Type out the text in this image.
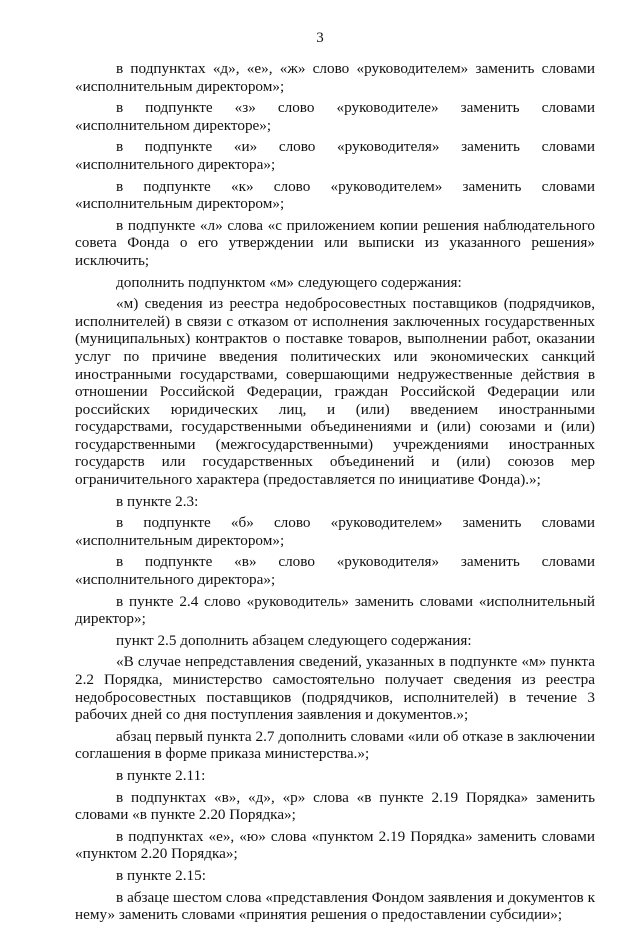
3

в подпунктах «д», «е», «ж» слово «руководителем» заменить словами «исполнительным директором»;

в подпункте «з» слово «руководителе» заменить словами «исполнительном директоре»;

в подпункте «и» слово «руководителя» заменить словами «исполнительного директора»;

в подпункте «к» слово «руководителем» заменить словами «исполнительным директором»;

в подпункте «л» слова «с приложением копии решения наблюдательного совета Фонда о его утверждении или выписки из указанного решения» исключить;

дополнить подпунктом «м» следующего содержания:

«м) сведения из реестра недобросовестных поставщиков (подрядчиков, исполнителей) в связи с отказом от исполнения заключенных государственных (муниципальных) контрактов о поставке товаров, выполнении работ, оказании услуг по причине введения политических или экономических санкций иностранными государствами, совершающими недружественные действия в отношении Российской Федерации, граждан Российской Федерации или российских юридических лиц, и (или) введением иностранными государствами, государственными объединениями и (или) союзами и (или) государственными (межгосударственными) учреждениями иностранных государств или государственных объединений и (или) союзов мер ограничительного характера (предоставляется по инициативе Фонда).»;

в пункте 2.3:

в подпункте «б» слово «руководителем» заменить словами «исполнительным директором»;

в подпункте «в» слово «руководителя» заменить словами «исполнительного директора»;

в пункте 2.4 слово «руководитель» заменить словами «исполнительный директор»;

пункт 2.5 дополнить абзацем следующего содержания:

«В случае непредставления сведений, указанных в подпункте «м» пункта 2.2 Порядка, министерство самостоятельно получает сведения из реестра недобросовестных поставщиков (подрядчиков, исполнителей) в течение 3 рабочих дней со дня поступления заявления и документов.»;

абзац первый пункта 2.7 дополнить словами «или об отказе в заключении соглашения в форме приказа министерства.»;

в пункте 2.11:

в подпунктах «в», «д», «р» слова «в пункте 2.19 Порядка» заменить словами «в пункте 2.20 Порядка»;

в подпунктах «е», «ю» слова «пунктом 2.19 Порядка» заменить словами «пунктом 2.20 Порядка»;

в пункте 2.15:

в абзаце шестом слова «представления Фондом заявления и документов к нему» заменить словами «принятия решения о предоставлении субсидии»;
